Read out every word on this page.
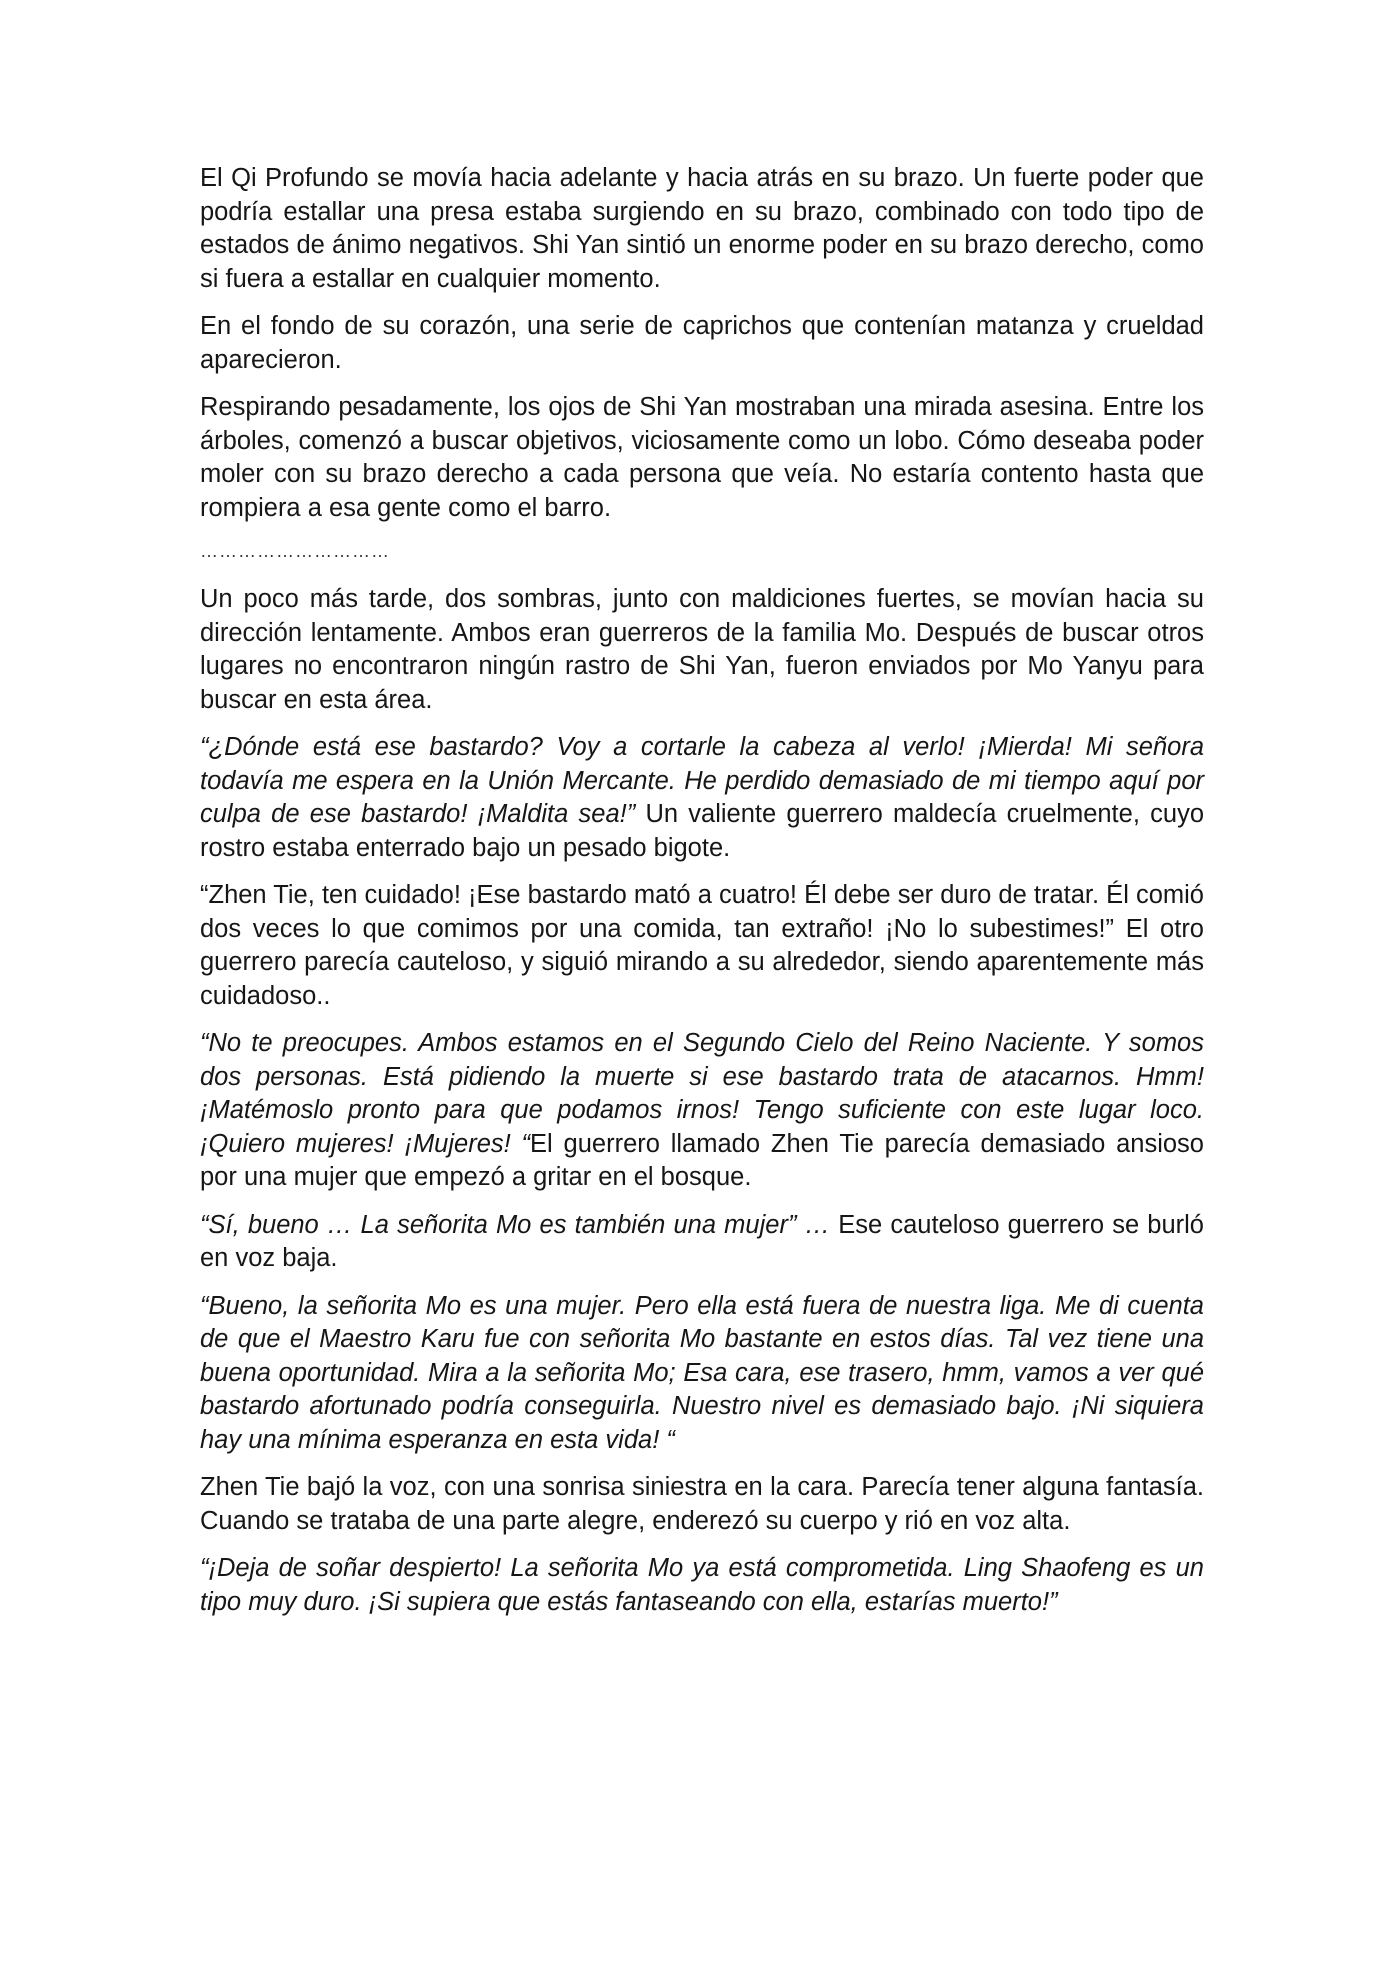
El Qi Profundo se movía hacia adelante y hacia atrás en su brazo. Un fuerte poder que podría estallar una presa estaba surgiendo en su brazo, combinado con todo tipo de estados de ánimo negativos. Shi Yan sintió un enorme poder en su brazo derecho, como si fuera a estallar en cualquier momento.

En el fondo de su corazón, una serie de caprichos que contenían matanza y crueldad aparecieron.

Respirando pesadamente, los ojos de Shi Yan mostraban una mirada asesina. Entre los árboles, comenzó a buscar objetivos, viciosamente como un lobo. Cómo deseaba poder moler con su brazo derecho a cada persona que veía. No estaría contento hasta que rompiera a esa gente como el barro.

…………………………

Un poco más tarde, dos sombras, junto con maldiciones fuertes, se movían hacia su dirección lentamente. Ambos eran guerreros de la familia Mo. Después de buscar otros lugares no encontraron ningún rastro de Shi Yan, fueron enviados por Mo Yanyu para buscar en esta área.

“¿Dónde está ese bastardo? Voy a cortarle la cabeza al verlo! ¡Mierda! Mi señora todavía me espera en la Unión Mercante. He perdido demasiado de mi tiempo aquí por culpa de ese bastardo! ¡Maldita sea!” Un valiente guerrero maldecía cruelmente, cuyo rostro estaba enterrado bajo un pesado bigote.

“Zhen Tie, ten cuidado! ¡Ese bastardo mató a cuatro! Él debe ser duro de tratar. Él comió dos veces lo que comimos por una comida, tan extraño! ¡No lo subestimes!” El otro guerrero parecía cauteloso, y siguió mirando a su alrededor, siendo aparentemente más cuidadoso..

“No te preocupes. Ambos estamos en el Segundo Cielo del Reino Naciente. Y somos dos personas. Está pidiendo la muerte si ese bastardo trata de atacarnos. Hmm! ¡Matémoslo pronto para que podamos irnos! Tengo suficiente con este lugar loco. ¡Quiero mujeres! ¡Mujeres! “El guerrero llamado Zhen Tie parecía demasiado ansioso por una mujer que empezó a gritar en el bosque.

“Sí, bueno … La señorita Mo es también una mujer” … Ese cauteloso guerrero se burló en voz baja.

“Bueno, la señorita Mo es una mujer. Pero ella está fuera de nuestra liga. Me di cuenta de que el Maestro Karu fue con señorita Mo bastante en estos días. Tal vez tiene una buena oportunidad. Mira a la señorita Mo; Esa cara, ese trasero, hmm, vamos a ver qué bastardo afortunado podría conseguirla. Nuestro nivel es demasiado bajo. ¡Ni siquiera hay una mínima esperanza en esta vida! “

Zhen Tie bajó la voz, con una sonrisa siniestra en la cara. Parecía tener alguna fantasía. Cuando se trataba de una parte alegre, enderezó su cuerpo y rió en voz alta.

“¡Deja de soñar despierto! La señorita Mo ya está comprometida. Ling Shaofeng es un tipo muy duro. ¡Si supiera que estás fantaseando con ella, estarías muerto!”
